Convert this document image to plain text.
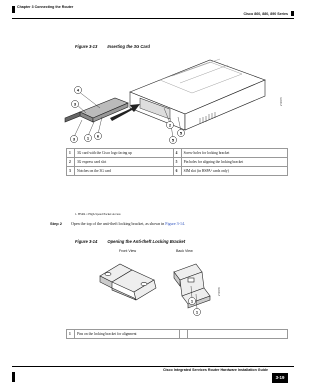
Chapter 3 Connecting the Router
Cisco 860, 880, 890 Series
Figure 3-13 Inserting the 3G Card
4
3
3	1 6
2
5
5
271975
1	3G card with the Cisco logo facing up	4	Screw holes for locking bracket
2	3G express card slot	5	Pin holes for aligning the locking bracket
3	Notches on the 3G card	6	SIM slot (in HSPA¹ cards only)
1. HSPA = High-Speed Packet Access
Step 2 Open the top of the anti-theft locking bracket, as shown in Figure 3-14.
Figure 3-14 Opening the Anti-theft Locking Bracket
Front View	Back View
1
1
271976
1	Pins on the locking bracket for alignment		
Cisco Integrated Services Router Hardware Installation Guide
3-19
